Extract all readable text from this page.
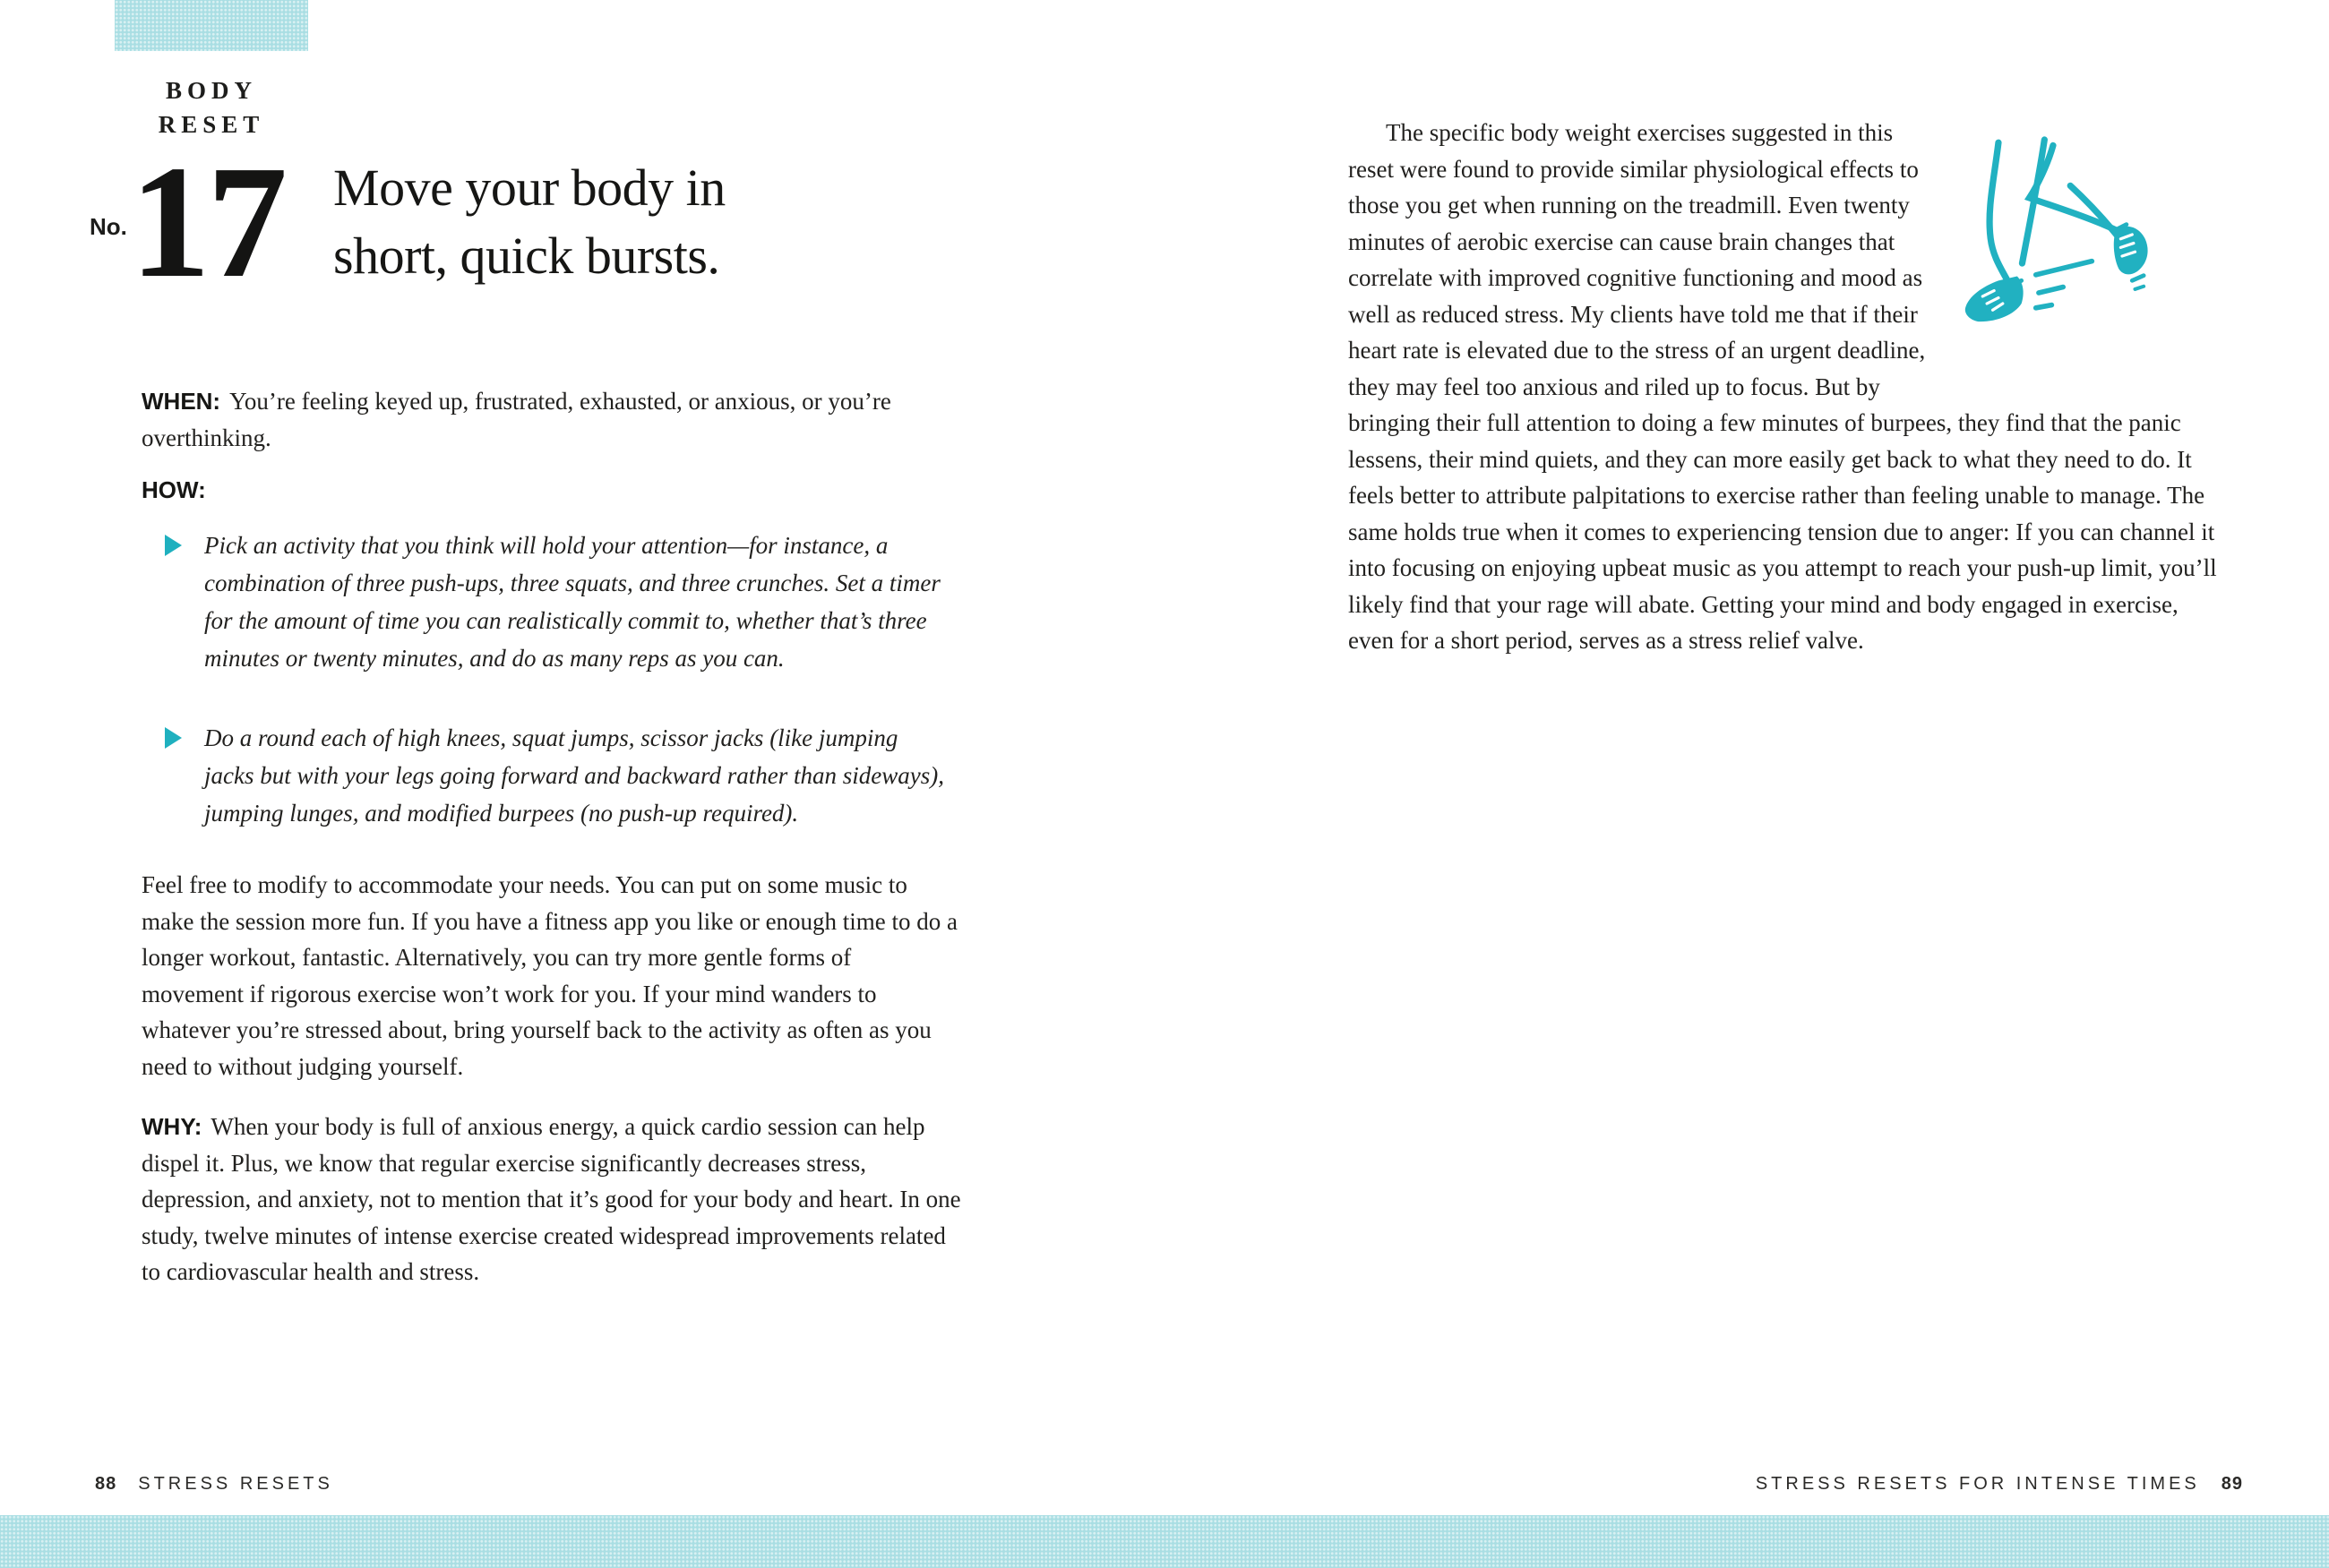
BODY
RESET
No. 17 Move your body in
short, quick bursts.

WHEN: You’re feeling keyed up, frustrated, exhausted, or anxious, or you’re overthinking.

HOW:

Pick an activity that you think will hold your attention—for instance, a combination of three push-ups, three squats, and three crunches. Set a timer for the amount of time you can realistically commit to, whether that’s three minutes or twenty minutes, and do as many reps as you can.
Do a round each of high knees, squat jumps, scissor jacks (like jumping jacks but with your legs going forward and backward rather than sideways), jumping lunges, and modified burpees (no push-up required).

Feel free to modify to accommodate your needs. You can put on some music to make the session more fun. If you have a fitness app you like or enough time to do a longer workout, fantastic. Alternatively, you can try more gentle forms of movement if rigorous exercise won’t work for you. If your mind wanders to whatever you’re stressed about, bring yourself back to the activity as often as you need to without judging yourself.

WHY: When your body is full of anxious energy, a quick cardio session can help dispel it. Plus, we know that regular exercise significantly decreases stress, depression, and anxiety, not to mention that it’s good for your body and heart. In one study, twelve minutes of intense exercise created widespread improvements related to cardiovascular health and stress.

88 STRESS RESETS

The specific body weight exercises suggested in this reset were found to provide similar physiological effects to those you get when running on the treadmill. Even twenty minutes of aerobic exercise can cause brain changes that correlate with improved cognitive functioning and mood as well as reduced stress. My clients have told me that if their heart rate is elevated due to the stress of an urgent deadline, they may feel too anxious and riled up to focus. But by bringing their full attention to doing a few minutes of burpees, they find that the panic lessens, their mind quiets, and they can more easily get back to what they need to do. It feels better to attribute palpitations to exercise rather than feeling unable to manage. The same holds true when it comes to experiencing tension due to anger: If you can channel it into focusing on enjoying upbeat music as you attempt to reach your push-up limit, you’ll likely find that your rage will abate. Getting your mind and body engaged in exercise, even for a short period, serves as a stress relief valve.

STRESS RESETS FOR INTENSE TIMES 89
